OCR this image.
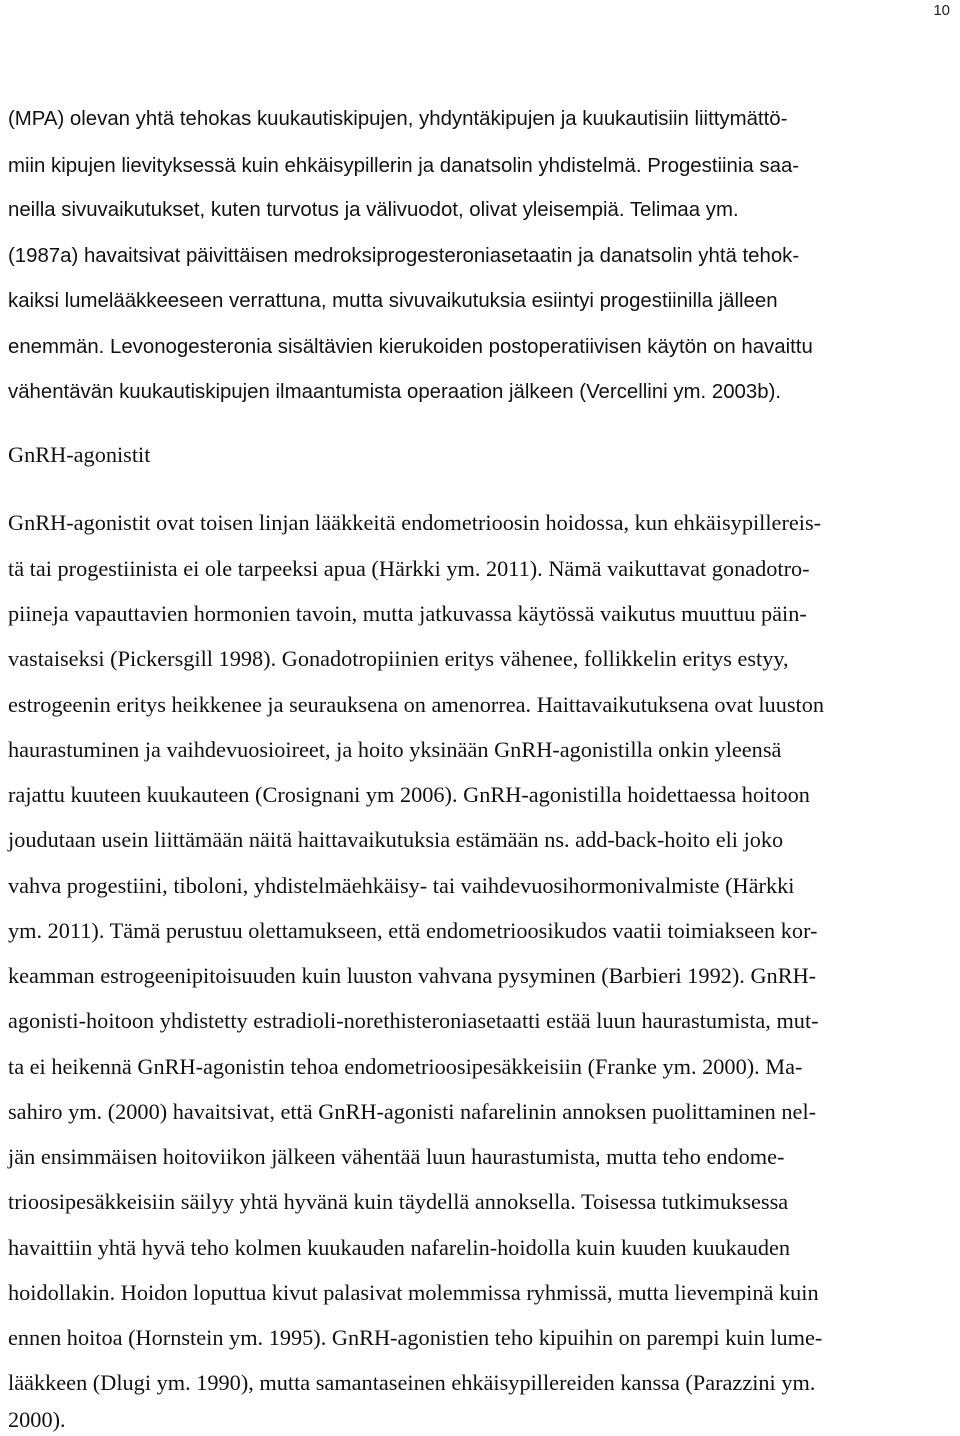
10
(MPA) olevan yhtä tehokas kuukautiskipujen, yhdyntäkipujen ja kuukautisiin liittymättö-
miin kipujen lievityksessä kuin ehkäisypillerin ja danatsolin yhdistelmä. Progestiinia saa-
neilla sivuvaikutukset, kuten turvotus ja välivuodot, olivat yleisempiä. Telimaa ym.
(1987a) havaitsivat päivittäisen medroksiprogesteroniasetaatin ja danatsolin yhtä tehok-
kaiksi lumelääkkeeseen verrattuna, mutta sivuvaikutuksia esiintyi progestiinilla jälleen
enemmän. Levonogesteronia sisältävien kierukoiden postoperatiivisen käytön on havaittu
vähentävän kuukautiskipujen ilmaantumista operaation jälkeen (Vercellini ym. 2003b).
GnRH-agonistit
GnRH-agonistit ovat toisen linjan lääkkeitä endometrioosin hoidossa, kun ehkäisypillereis-
tä tai progestiinista ei ole tarpeeksi apua (Härkki ym. 2011). Nämä vaikuttavat gonadotro-
piineja vapauttavien hormonien tavoin, mutta jatkuvassa käytössä vaikutus muuttuu päin-
vastaiseksi (Pickersgill 1998). Gonadotropiinien eritys vähenee, follikkelin eritys estyy,
estrogeenin eritys heikkenee ja seurauksena on amenorrea. Haittavaikutuksena ovat luuston
haurastuminen ja vaihdevuosioireet, ja hoito yksinään GnRH-agonistilla onkin yleensä
rajattu kuuteen kuukauteen (Crosignani ym 2006). GnRH-agonistilla hoidettaessa hoitoon
joudutaan usein liittämään näitä haittavaikutuksia estämään ns. add-back-hoito eli joko
vahva progestiini, tiboloni, yhdistelmäehkäisy- tai vaihdevuosihormonivalmiste (Härkki
ym. 2011). Tämä perustuu olettamukseen, että endometrioosikudos vaatii toimiakseen kor-
keamman estrogeenipitoisuuden kuin luuston vahvana pysyminen (Barbieri 1992). GnRH-
agonisti-hoitoon yhdistetty estradioli-norethisteroniasetaatti estää luun haurastumista, mut-
ta ei heikennä GnRH-agonistin tehoa endometrioosipesäkkeisiin (Franke ym. 2000). Ma-
sahiro ym. (2000) havaitsivat, että GnRH-agonisti nafarelinin annoksen puolittaminen nel-
jän ensimmäisen hoitoviikon jälkeen vähentää luun haurastumista, mutta teho endome-
trioosipesäkkeisiin säilyy yhtä hyvänä kuin täydellä annoksella. Toisessa tutkimuksessa
havaittiin yhtä hyvä teho kolmen kuukauden nafarelin-hoidolla kuin kuuden kuukauden
hoidollakin. Hoidon loputtua kivut palasivat molemmissa ryhmissä, mutta lievempinä kuin
ennen hoitoa (Hornstein ym. 1995). GnRH-agonistien teho kipuihin on parempi kuin lume-
lääkkeen (Dlugi ym. 1990), mutta samantaseinen ehkäisypillereiden kanssa (Parazzini ym.
2000).
